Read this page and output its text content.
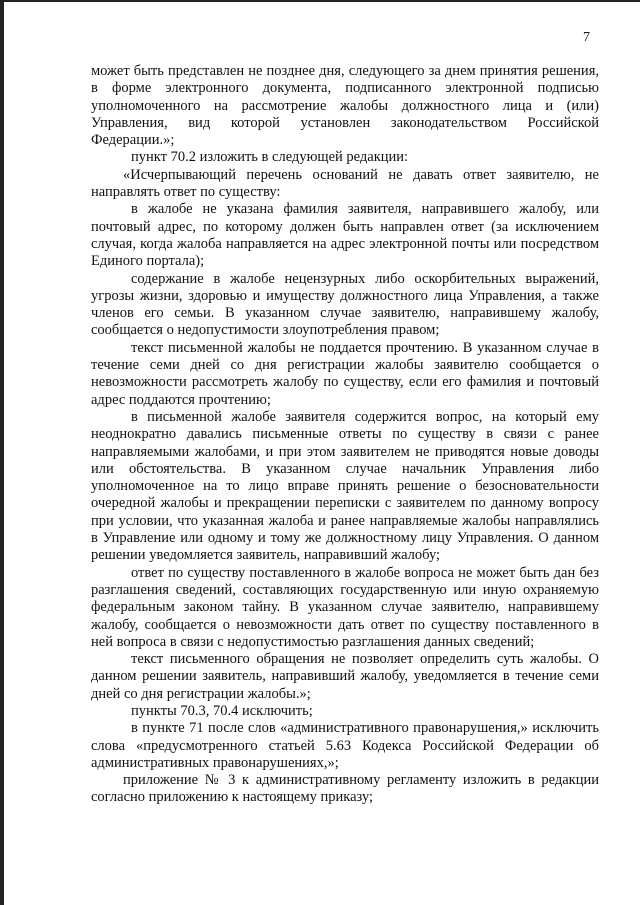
7

может быть представлен не позднее дня, следующего за днем принятия решения, в форме электронного документа, подписанного электронной подписью уполномоченного на рассмотрение жалобы должностного лица и (или) Управления, вид которой установлен законодательством Российской Федерации.»;

пункт 70.2 изложить в следующей редакции:

«Исчерпывающий перечень оснований не давать ответ заявителю, не направлять ответ по существу:

в жалобе не указана фамилия заявителя, направившего жалобу, или почтовый адрес, по которому должен быть направлен ответ (за исключением случая, когда жалоба направляется на адрес электронной почты или посредством Единого портала);

содержание в жалобе нецензурных либо оскорбительных выражений, угрозы жизни, здоровью и имуществу должностного лица Управления, а также членов его семьи. В указанном случае заявителю, направившему жалобу, сообщается о недопустимости злоупотребления правом;

текст письменной жалобы не поддается прочтению. В указанном случае в течение семи дней со дня регистрации жалобы заявителю сообщается о невозможности рассмотреть жалобу по существу, если его фамилия и почтовый адрес поддаются прочтению;

в письменной жалобе заявителя содержится вопрос, на который ему неоднократно давались письменные ответы по существу в связи с ранее направляемыми жалобами, и при этом заявителем не приводятся новые доводы или обстоятельства. В указанном случае начальник Управления либо уполномоченное на то лицо вправе принять решение о безосновательности очередной жалобы и прекращении переписки с заявителем по данному вопросу при условии, что указанная жалоба и ранее направляемые жалобы направлялись в Управление или одному и тому же должностному лицу Управления. О данном решении уведомляется заявитель, направивший жалобу;

ответ по существу поставленного в жалобе вопроса не может быть дан без разглашения сведений, составляющих государственную или иную охраняемую федеральным законом тайну. В указанном случае заявителю, направившему жалобу, сообщается о невозможности дать ответ по существу поставленного в ней вопроса в связи с недопустимостью разглашения данных сведений;

текст письменного обращения не позволяет определить суть жалобы. О данном решении заявитель, направивший жалобу, уведомляется в течение семи дней со дня регистрации жалобы.»;

пункты 70.3, 70.4 исключить;

в пункте 71 после слов «административного правонарушения,» исключить слова «предусмотренного статьей 5.63 Кодекса Российской Федерации об административных правонарушениях,»;

приложение № 3 к административному регламенту изложить в редакции согласно приложению к настоящему приказу;
